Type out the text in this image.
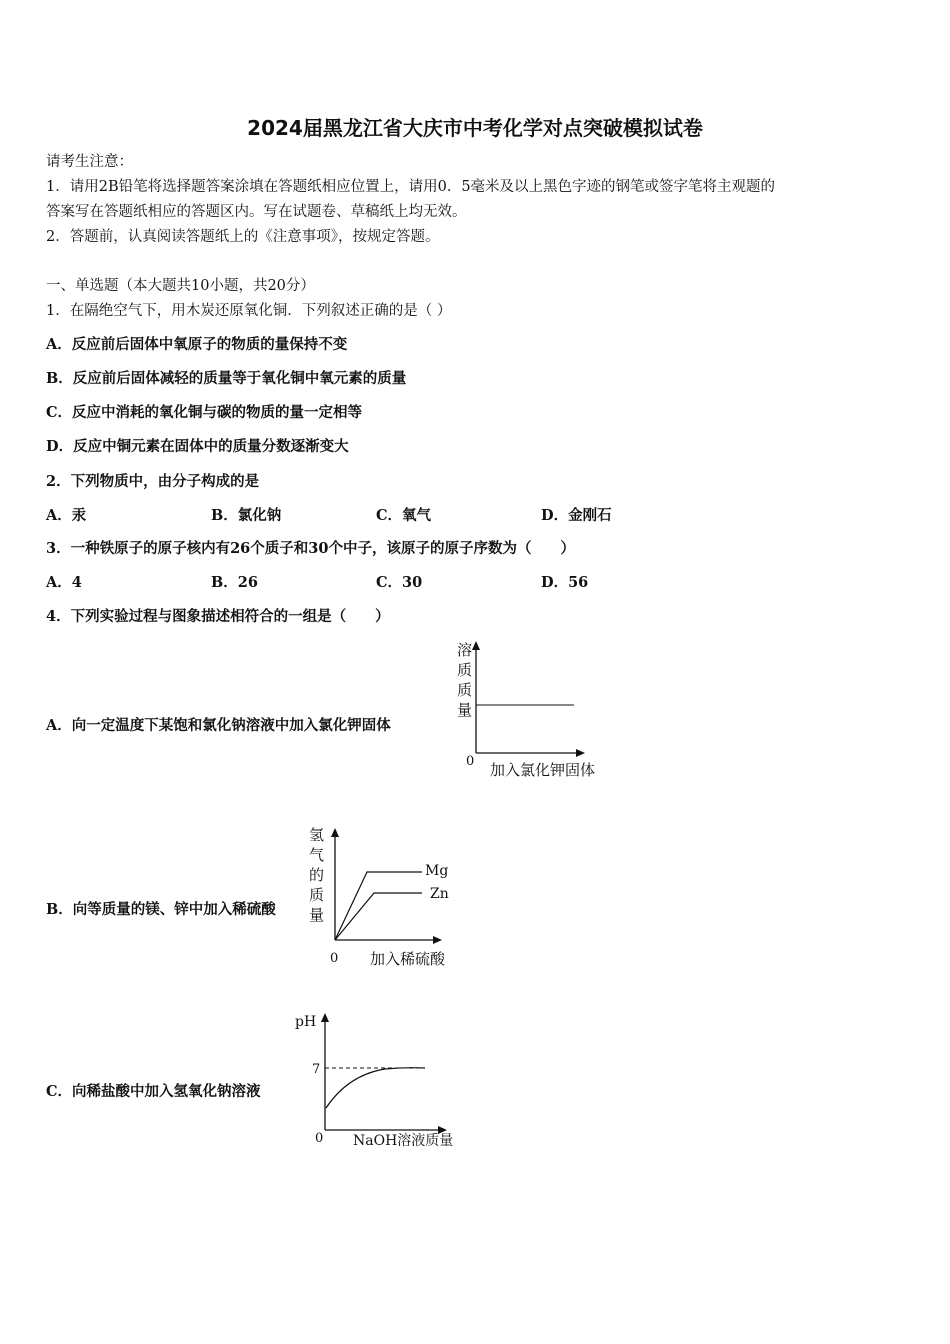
2024届黑龙江省大庆市中考化学对点突破模拟试卷
请考生注意：
1．请用2B铅笔将选择题答案涂填在答题纸相应位置上，请用0．5毫米及以上黑色字迹的钢笔或签字笔将主观题的
答案写在答题纸相应的答题区内。写在试题卷、草稿纸上均无效。
2．答题前，认真阅读答题纸上的《注意事项》，按规定答题。
一、单选题（本大题共10小题，共20分）
1．在隔绝空气下，用木炭还原氧化铜．下列叙述正确的是（ ）
A．反应前后固体中氧原子的物质的量保持不变
B．反应前后固体减轻的质量等于氧化铜中氧元素的质量
C．反应中消耗的氧化铜与碳的物质的量一定相等
D．反应中铜元素在固体中的质量分数逐渐变大
2．下列物质中，由分子构成的是
A．汞	B．氯化钠	C．氧气	D．金刚石
3．一种铁原子的原子核内有26个质子和30个中子，该原子的原子序数为（　　）
A．4	B．26	C．30	D．56
4．下列实验过程与图象描述相符合的一组是（　　）
A．向一定温度下某饱和氯化钠溶液中加入氯化钾固体
溶
质
质
量
0 加入氯化钾固体
B．向等质量的镁、锌中加入稀硫酸
Mg
Zn
氢
气
的
质
量
0 加入稀硫酸
C．向稀盐酸中加入氢氧化钠溶液
pH
7
0 NaOH溶液质量
